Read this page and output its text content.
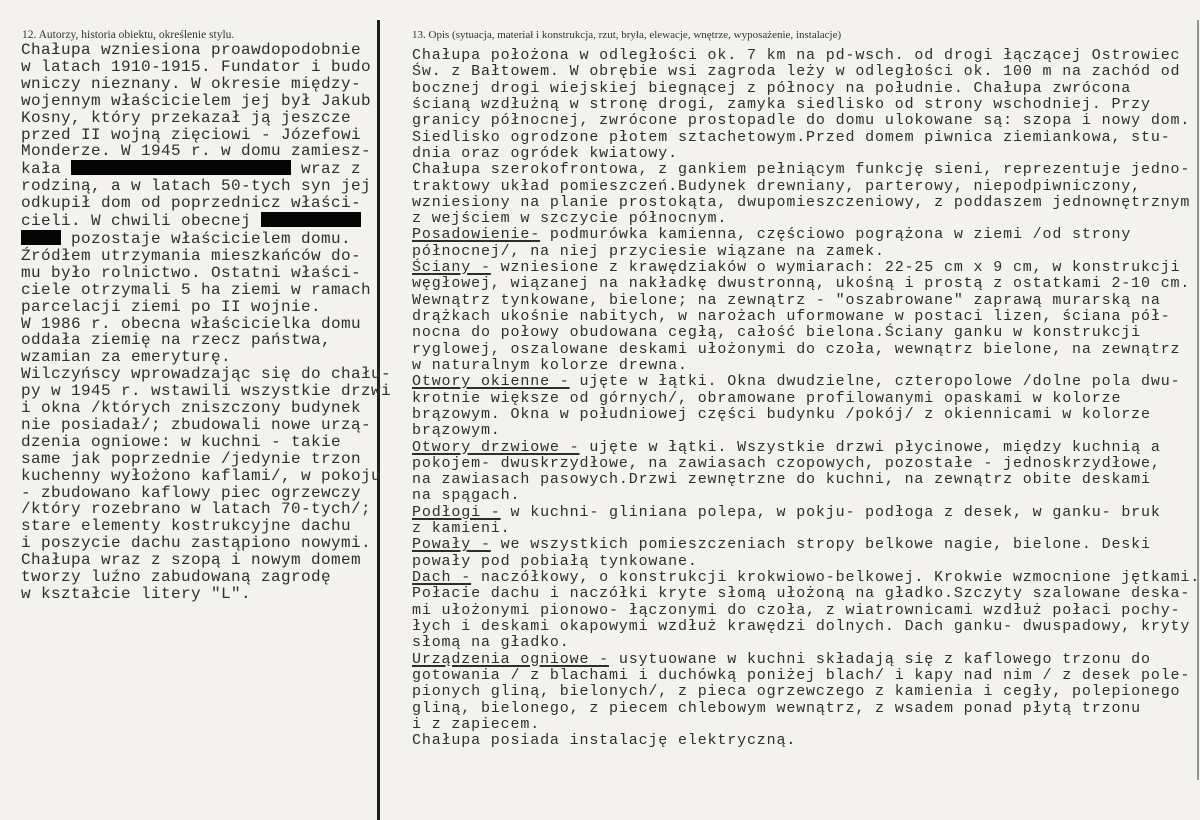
12. Autorzy, historia obiektu, określenie stylu.	13. Opis (sytuacja, materiał i konstrukcja, rzut, bryła, elewacje, wnętrze, wyposażenie, instalacje)
Chałupa wzniesiona proawdopodobnie
w latach 1910-1915. Fundator i budo
wniczy nieznany. W okresie między-
wojennym właścicielem jej był Jakub
Kosny, który przekazał ją jeszcze
przed II wojną zięciowi - Józefowi
Monderze. W 1945 r. w domu zamiesz-
kała	wraz z
rodziną, a w latach 50-tych syn jej
odkupił dom od poprzednicz właści-
cieli. W chwili obecnej
pozostaje właścicielem domu.
Źródłem utrzymania mieszkańców do-
mu było rolnictwo. Ostatni właści-
ciele otrzymali 5 ha ziemi w ramach
parcelacji ziemi po II wojnie.
W 1986 r. obecna właścicielka domu
oddała ziemię na rzecz państwa,
wzamian za emeryturę.
Wilczyńscy wprowadzając się do chału-
py w 1945 r. wstawili wszystkie drzwi
i okna /których zniszczony budynek
nie posiadał/; zbudowali nowe urzą-
dzenia ogniowe: w kuchni - takie
same jak poprzednie /jedynie trzon
kuchenny wyłożono kaflami/, w pokoju
- zbudowano kaflowy piec ogrzewczy
/który rozebrano w latach 70-tych/;
stare elementy kostrukcyjne dachu
i poszycie dachu zastąpiono nowymi.
Chałupa wraz z szopą i nowym domem
tworzy luźno zabudowaną zagrodę
w kształcie litery "L".
Chałupa położona w odległości ok. 7 km na pd-wsch. od drogi łączącej Ostrowiec
Św. z Bałtowem. W obrębie wsi zagroda leży w odległości ok. 100 m na zachód od
bocznej drogi wiejskiej biegnącej z północy na południe. Chałupa zwrócona
ścianą wzdłużną w stronę drogi, zamyka siedlisko od strony wschodniej. Przy
granicy północnej, zwrócone prostopadle do domu ulokowane są: szopa i nowy dom.
Siedlisko ogrodzone płotem sztachetowym.Przed domem piwnica ziemiankowa, stu-
dnia oraz ogródek kwiatowy.
Chałupa szerokofrontowa, z gankiem pełniącym funkcję sieni, reprezentuje jedno-
traktowy układ pomieszczeń.Budynek drewniany, parterowy, niepodpiwniczony,
wzniesiony na planie prostokąta, dwupomieszczeniowy, z poddaszem jednownętrznym
z wejściem w szczycie północnym.
Posadowienie- podmurówka kamienna, częściowo pogrążona w ziemi /od strony
północnej/, na niej przyciesie wiązane na zamek.
Ściany - wzniesione z krawędziaków o wymiarach: 22-25 cm x 9 cm, w konstrukcji
węgłowej, wiązanej na nakładkę dwustronną, ukośną i prostą z ostatkami 2-10 cm.
Wewnątrz tynkowane, bielone; na zewnątrz - "oszabrowane" zaprawą murarską na
drążkach ukośnie nabitych, w narożach uformowane w postaci lizen, ściana pół-
nocna do połowy obudowana cegłą, całość bielona.Ściany ganku w konstrukcji
ryglowej, oszalowane deskami ułożonymi do czoła, wewnątrz bielone, na zewnątrz
w naturalnym kolorze drewna.
Otwory okienne - ujęte w łątki. Okna dwudzielne, czteropolowe /dolne pola dwu-
krotnie większe od górnych/, obramowane profilowanymi opaskami w kolorze
brązowym. Okna w południowej części budynku /pokój/ z okiennicami w kolorze
brązowym.
Otwory drzwiowe - ujęte w łątki. Wszystkie drzwi płycinowe, między kuchnią a
pokojem- dwuskrzydłowe, na zawiasach czopowych, pozostałe - jednoskrzydłowe,
na zawiasach pasowych.Drzwi zewnętrzne do kuchni, na zewnątrz obite deskami
na spągach.
Podłogi - w kuchni- gliniana polepa, w pokju- podłoga z desek, w ganku- bruk
z kamieni.
Powały - we wszystkich pomieszczeniach stropy belkowe nagie, bielone. Deski
powały pod pobiałą tynkowane.
Dach - naczółkowy, o konstrukcji krokwiowo-belkowej. Krokwie wzmocnione jętkami.
Połacie dachu i naczółki kryte słomą ułożoną na gładko.Szczyty szalowane deska-
mi ułożonymi pionowo- łączonymi do czoła, z wiatrownicami wzdłuż połaci pochy-
łych i deskami okapowymi wzdłuż krawędzi dolnych. Dach ganku- dwuspadowy, kryty
słomą na gładko.
Urządzenia ogniowe - usytuowane w kuchni składają się z kaflowego trzonu do
gotowania / z blachami i duchówką poniżej blach/ i kapy nad nim / z desek pole-
pionych gliną, bielonych/, z pieca ogrzewczego z kamienia i cegły, polepionego
gliną, bielonego, z piecem chlebowym wewnątrz, z wsadem ponad płytą trzonu
i z zapiecem.
Chałupa posiada instalację elektryczną.
